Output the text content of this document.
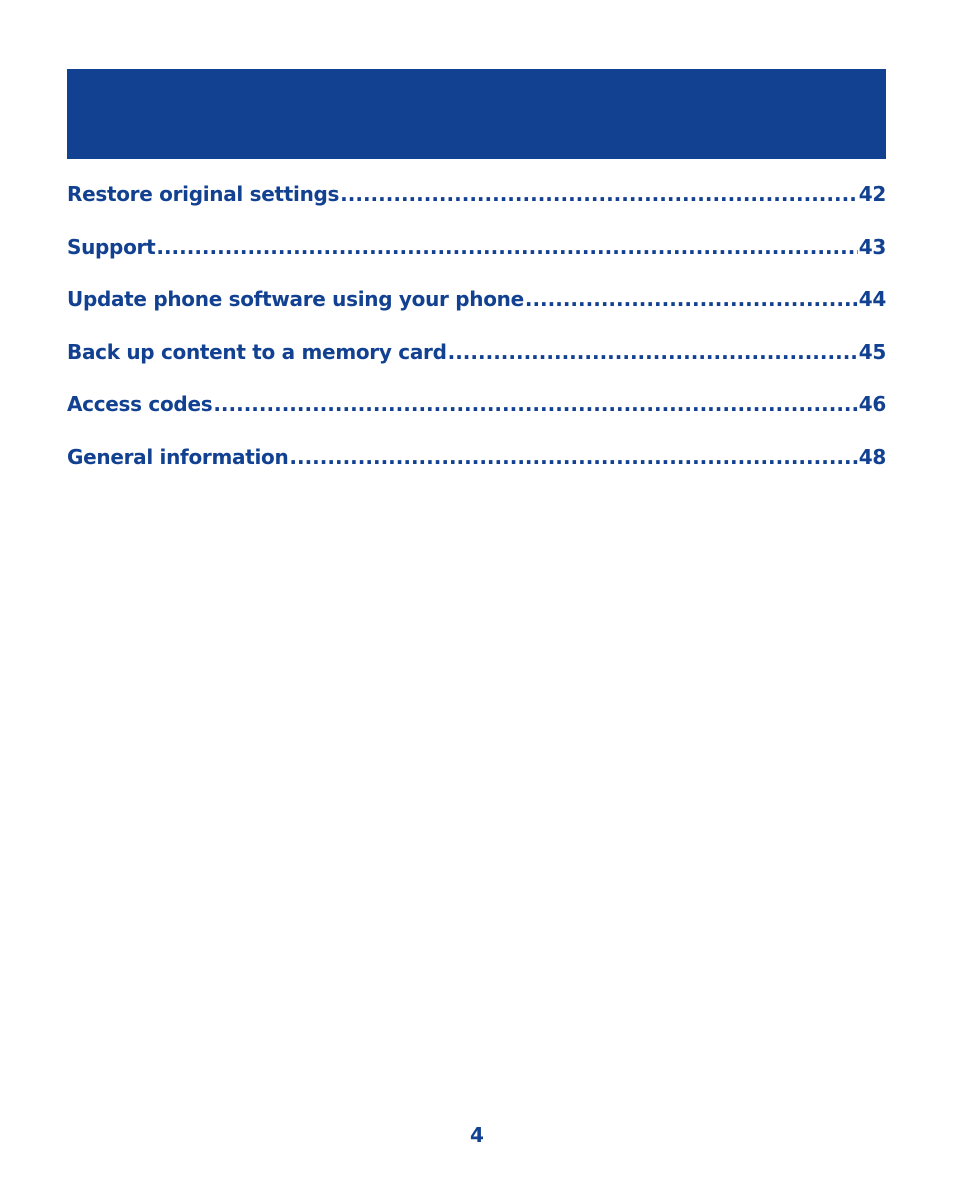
Restore original settings .....	42
Support .....	43
Update phone software using your phone .....	44
Back up content to a memory card .....	45
Access codes .....	46
General information .....	48
4
